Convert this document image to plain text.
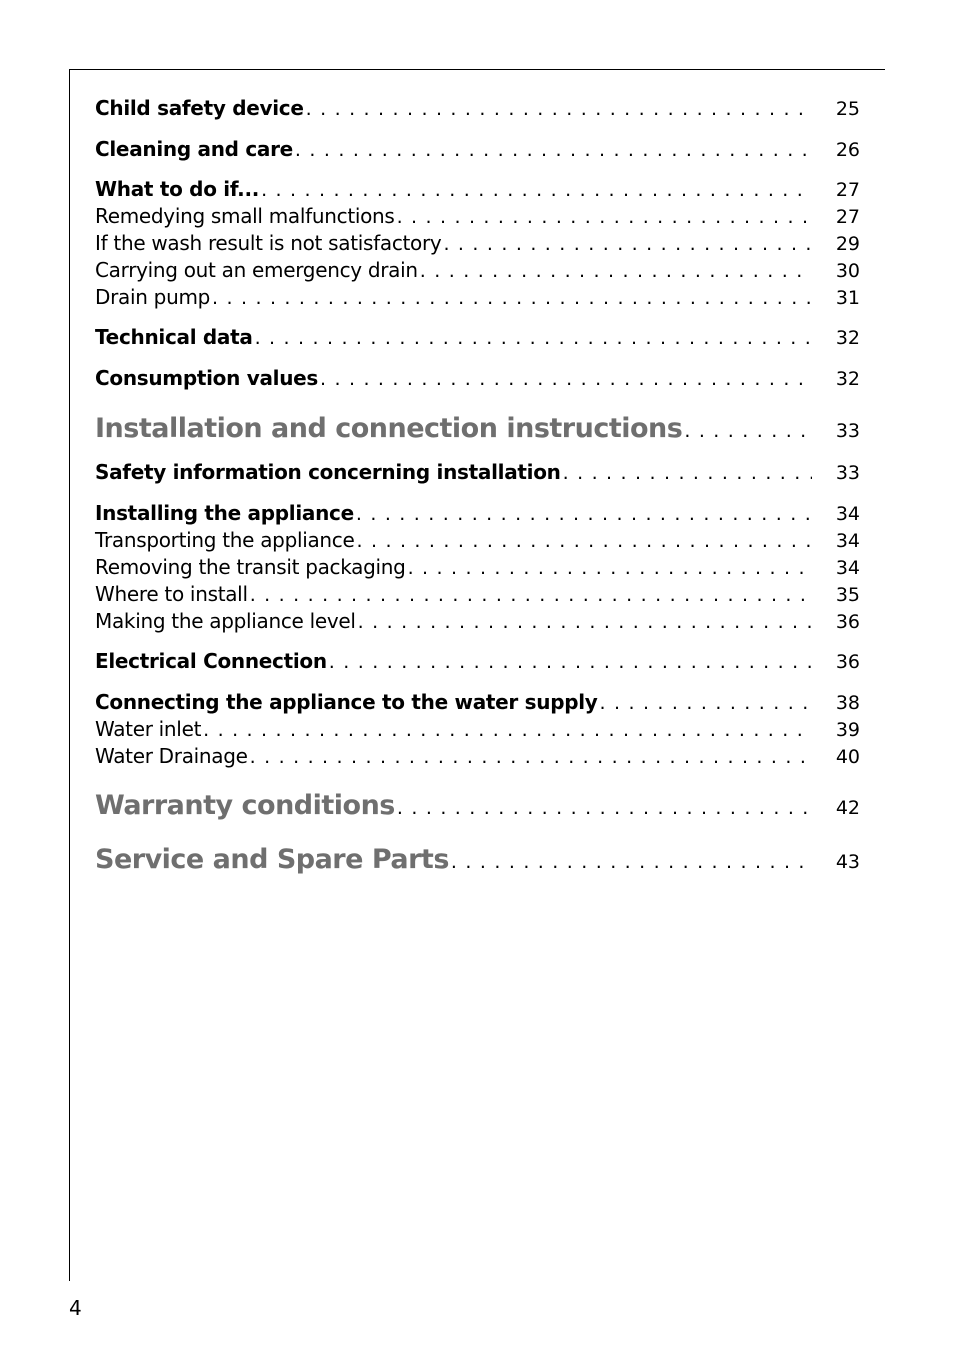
Child safety device . . .	25
Cleaning and care . . .	26
What to do if... . . .	27
Remedying small malfunctions . . .	27
If the wash result is not satisfactory . . .	29
Carrying out an emergency drain . . .	30
Drain pump . . .	31
Technical data . . .	32
Consumption values . . .	32
Installation and connection instructions . . .	33
Safety information concerning installation . . .	33
Installing the appliance . . .	34
Transporting the appliance . . .	34
Removing the transit packaging . . .	34
Where to install . . .	35
Making the appliance level . . .	36
Electrical Connection . . .	36
Connecting the appliance to the water supply . . .	38
Water inlet . . .	39
Water Drainage . . .	40
Warranty conditions . . .	42
Service and Spare Parts . . .	43
4
